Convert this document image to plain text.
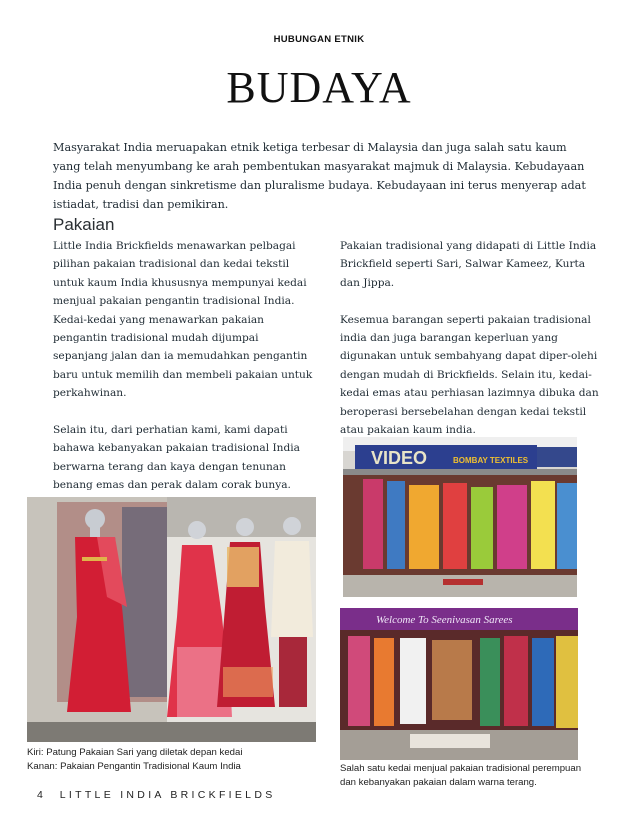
HUBUNGAN ETNIK
BUDAYA
Masyarakat India meruapakan etnik ketiga terbesar di Malaysia dan juga salah satu kaum yang telah menyumbang ke arah pembentukan masyarakat majmuk di Malaysia. Kebudayaan India penuh dengan sinkretisme dan pluralisme budaya. Kebudayaan ini terus menyerap adat istiadat, tradisi dan pemikiran.
Pakaian

Little India Brickfields menawarkan pelbagai pilihan pakaian tradisional dan kedai tekstil untuk kaum India khususnya mempunyai kedai menjual pakaian pengantin tradisional India. Kedai-kedai yang menawarkan pakaian pengantin tradisional mudah dijumpai sepanjang jalan dan ia memudahkan pengantin baru untuk memilih dan membeli pakaian untuk perkahwinan.

Selain itu, dari perhatian kami, kami dapati bahawa kebanyakan pakaian tradisional India berwarna terang dan kaya dengan tenunan benang emas dan perak dalam corak bunya.

Pakaian tradisional yang didapati di Little India Brickfield seperti Sari, Salwar Kameez, Kurta dan Jippa.

Kesemua barangan seperti pakaian tradisional india dan juga barangan keperluan yang digunakan untuk sembahyang dapat diper-olehi dengan mudah di Brickfields. Selain itu, kedai-kedai emas atau perhiasan lazimnya dibuka dan beroperasi bersebelahan dengan kedai tekstil atau pakaian kaum india.

VIDEO	BOMBAY TEXTILES
Welcome To Seenivasan Sarees
Kiri: Patung Pakaian Sari yang diletak depan kedai
Kanan: Pakaian Pengantin Tradisional Kaum India	Salah satu kedai menjual pakaian tradisional perempuan
dan kebanyakan pakaian dalam warna terang.
4 LITTLE INDIA BRICKFIELDS
